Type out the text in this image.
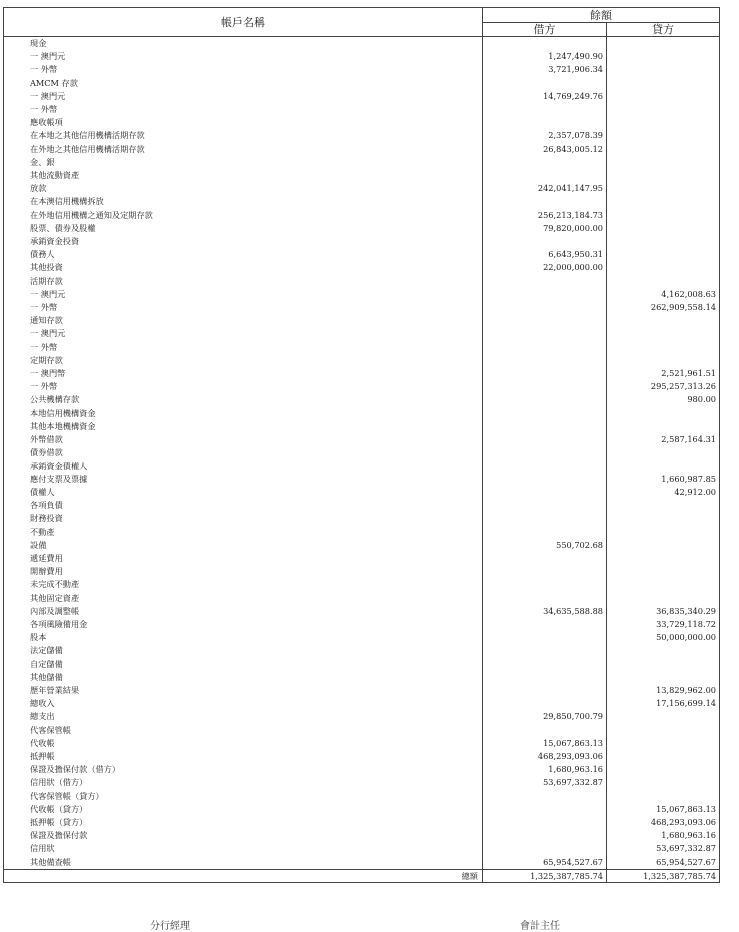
帳戶名稱	餘額	
	借方	貸方
現金		
一 澳門元	1,247,490.90	
一 外幣	3,721,906.34	
AMCM 存款		
一 澳門元	14,769,249.76	
一 外幣		
應收帳項		
在本地之其他信用機構活期存款	2,357,078.39	
在外地之其他信用機構活期存款	26,843,005.12	
金、銀		
其他流動資產		
放款	242,041,147.95	
在本澳信用機構拆放		
在外地信用機構之通知及定期存款	256,213,184.73	
股票、債券及股權	79,820,000.00	
承銷資金投資		
債務人	6,643,950.31	
其他投資	22,000,000.00	
活期存款		
一 澳門元		4,162,008.63
一 外幣		262,909,558.14
通知存款		
一 澳門元		
一 外幣		
定期存款		
一 澳門幣		2,521,961.51
一 外幣		295,257,313.26
公共機構存款		980.00
本地信用機構資金		
其他本地機構資金		
外幣借款		2,587,164.31
債券借款		
承銷資金債權人		
應付支票及票據		1,660,987.85
債權人		42,912.00
各項負債		
財務投資		
不動產		
設備	550,702.68	
遞延費用		
開辦費用		
未完成不動產		
其他固定資產		
內部及調整帳	34,635,588.88	36,835,340.29
各項風險備用金		33,729,118.72
股本		50,000,000.00
法定儲備		
自定儲備		
其他儲備		
歷年營業結果		13,829,962.00
總收入		17,156,699.14
總支出	29,850,700.79	
代客保管帳		
代收帳	15,067,863.13	
抵押帳	468,293,093.06	
保證及擔保付款（借方）	1,680,963.16	
信用狀（借方）	53,697,332.87	
代客保管帳（貸方）		
代收帳（貸方）		15,067,863.13
抵押帳（貸方）		468,293,093.06
保證及擔保付款		1,680,963.16
信用狀		53,697,332.87
其他備查帳	65,954,527.67	65,954,527.67
總額	1,325,387,785.74	1,325,387,785.74
分行經理	會計主任
